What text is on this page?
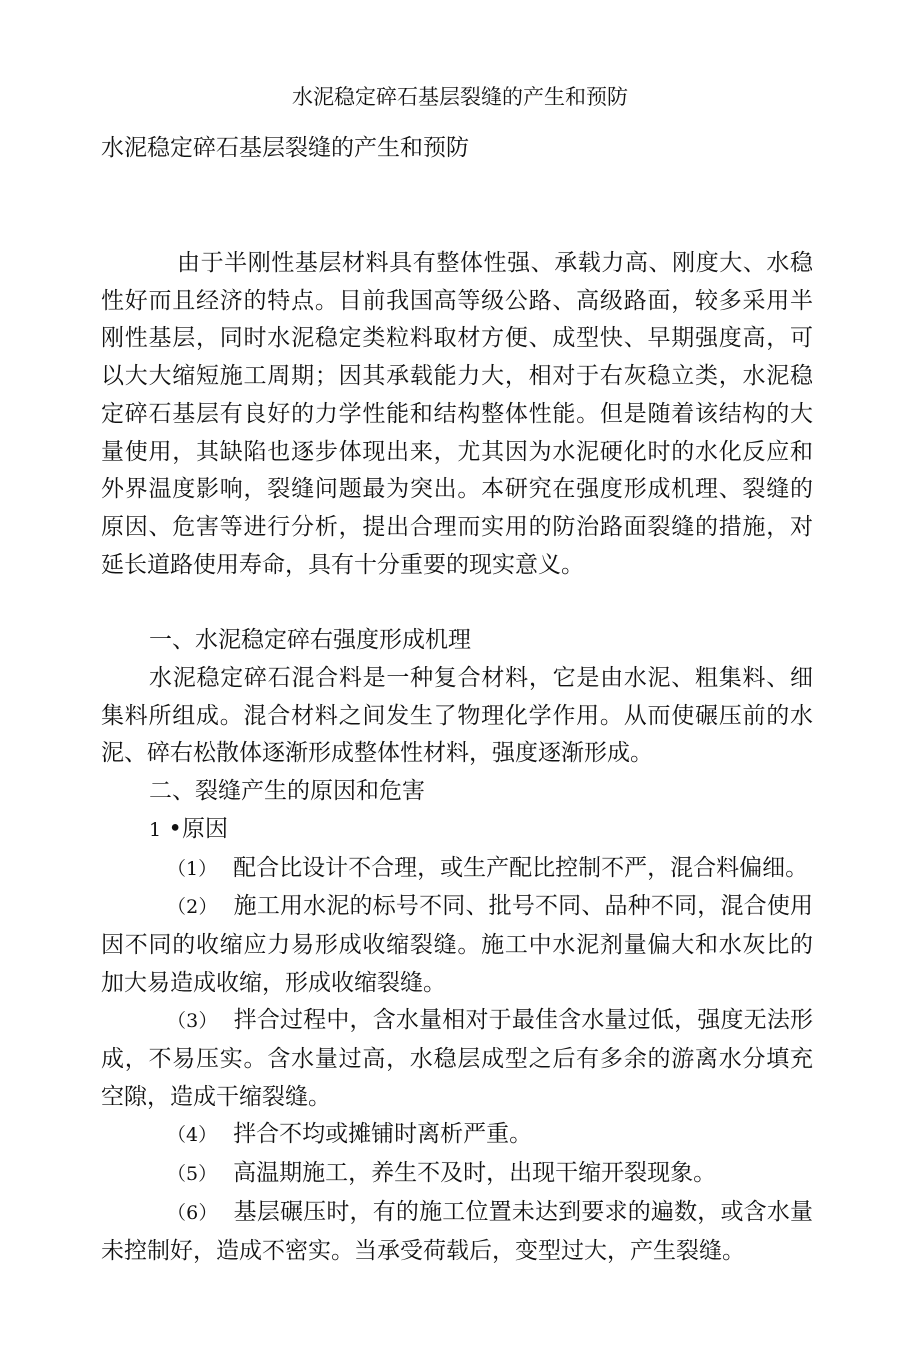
水泥稳定碎石基层裂缝的产生和预防
水泥稳定碎石基层裂缝的产生和预防

由于半刚性基层材料具有整体性强、承载力高、刚度大、水稳性好而且经济的特点。目前我国高等级公路、高级路面，较多采用半刚性基层，同时水泥稳定类粒料取材方便、成型快、早期强度高，可以大大缩短施工周期；因其承载能力大，相对于右灰稳立类，水泥稳定碎石基层有良好的力学性能和结构整体性能。但是随着该结构的大量使用，其缺陷也逐步体现出来，尤其因为水泥硬化时的水化反应和外界温度影响，裂缝问题最为突出。本研究在强度形成机理、裂缝的原因、危害等进行分析，提出合理而实用的防治路面裂缝的措施，对延长道路使用寿命，具有十分重要的现实意义。

一、水泥稳定碎右强度形成机理

水泥稳定碎石混合料是一种复合材料，它是由水泥、粗集料、细集料所组成。混合材料之间发生了物理化学作用。从而使碾压前的水泥、碎右松散体逐渐形成整体性材料，强度逐渐形成。

二、裂缝产生的原因和危害

1 •原因

（1） 配合比设计不合理，或生产配比控制不严，混合料偏细。

（2） 施工用水泥的标号不同、批号不同、品种不同，混合使用因不同的收缩应力易形成收缩裂缝。施工中水泥剂量偏大和水灰比的加大易造成收缩，形成收缩裂缝。

（3） 拌合过程中，含水量相对于最佳含水量过低，强度无法形成，不易压实。含水量过高，水稳层成型之后有多余的游离水分填充空隙，造成干缩裂缝。

（4） 拌合不均或摊铺时离析严重。

（5） 高温期施工，养生不及时，出现干缩开裂现象。

（6） 基层碾压时，有的施工位置未达到要求的遍数，或含水量未控制好，造成不密实。当承受荷载后，变型过大，产生裂缝。
